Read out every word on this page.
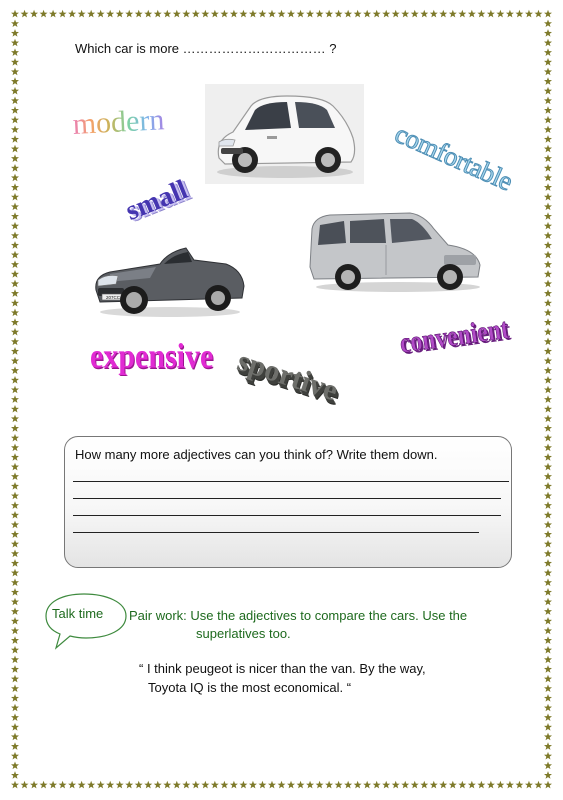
Which car is more …………………………… ?
207CC
modern	comfortable
small
expensive sportive
convenient
How many more adjectives can you think of? Write them down.
Talk time Pair work: Use the adjectives to compare the cars. Use the
superlatives too.
“ I think peugeot is nicer than the van. By the way,
Toyota IQ is the most economical. “
